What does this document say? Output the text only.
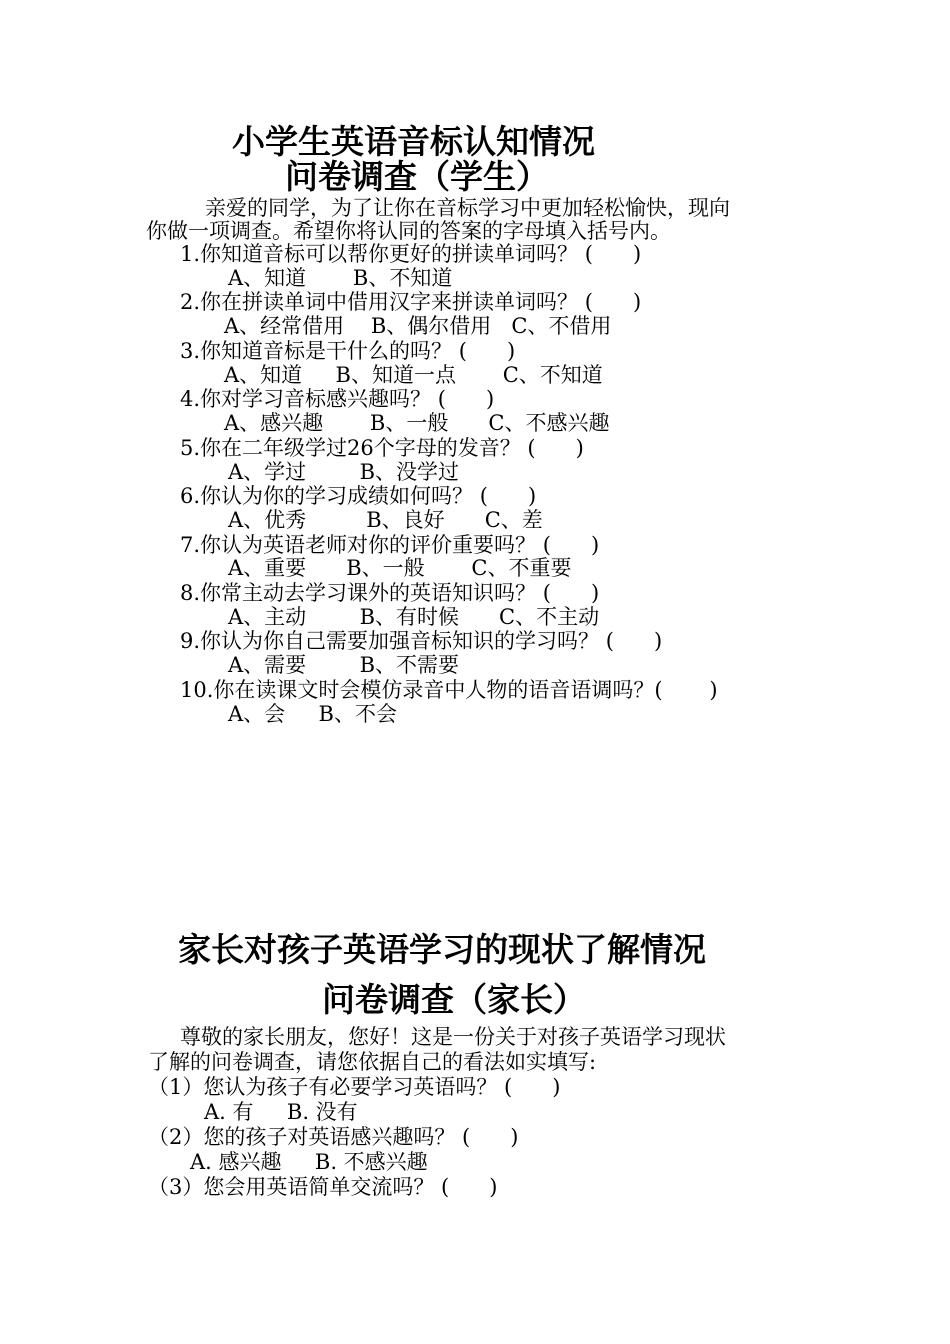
小学生英语音标认知情况
问卷调查（学生）
亲爱的同学，为了让你在音标学习中更加轻松愉快，现向
你做一项调查。希望你将认同的答案的字母填入括号内。
1.你知道音标可以帮你更好的拼读单词吗？ (      )
A、知道       B、不知道
2.你在拼读单词中借用汉字来拼读单词吗？ (      )
A、经常借用    B、偶尔借用   C、不借用
3.你知道音标是干什么的吗？ (      )
A、知道     B、知道一点       C、不知道
4.你对学习音标感兴趣吗？ (      )
A、感兴趣       B、一般      C、不感兴趣
5.你在二年级学过26个字母的发音？ (      )
A、学过        B、没学过
6.你认为你的学习成绩如何吗？ (      )
A、优秀         B、良好      C、差
7.你认为英语老师对你的评价重要吗？ (      )
A、重要      B、一般       C、不重要
8.你常主动去学习课外的英语知识吗？ (      )
A、主动        B、有时候      C、不主动
9.你认为你自己需要加强音标知识的学习吗？ (      )
A、需要        B、不需要
10.你在读课文时会模仿录音中人物的语音语调吗？(       )
A、会     B、不会
家长对孩子英语学习的现状了解情况
问卷调查（家长）
尊敬的家长朋友，您好！这是一份关于对孩子英语学习现状
了解的问卷调查，请您依据自己的看法如实填写:
（1）您认为孩子有必要学习英语吗？ (      )
A. 有     B. 没有
（2）您的孩子对英语感兴趣吗？ (      )
A. 感兴趣     B. 不感兴趣
（3）您会用英语简单交流吗？ (      )
